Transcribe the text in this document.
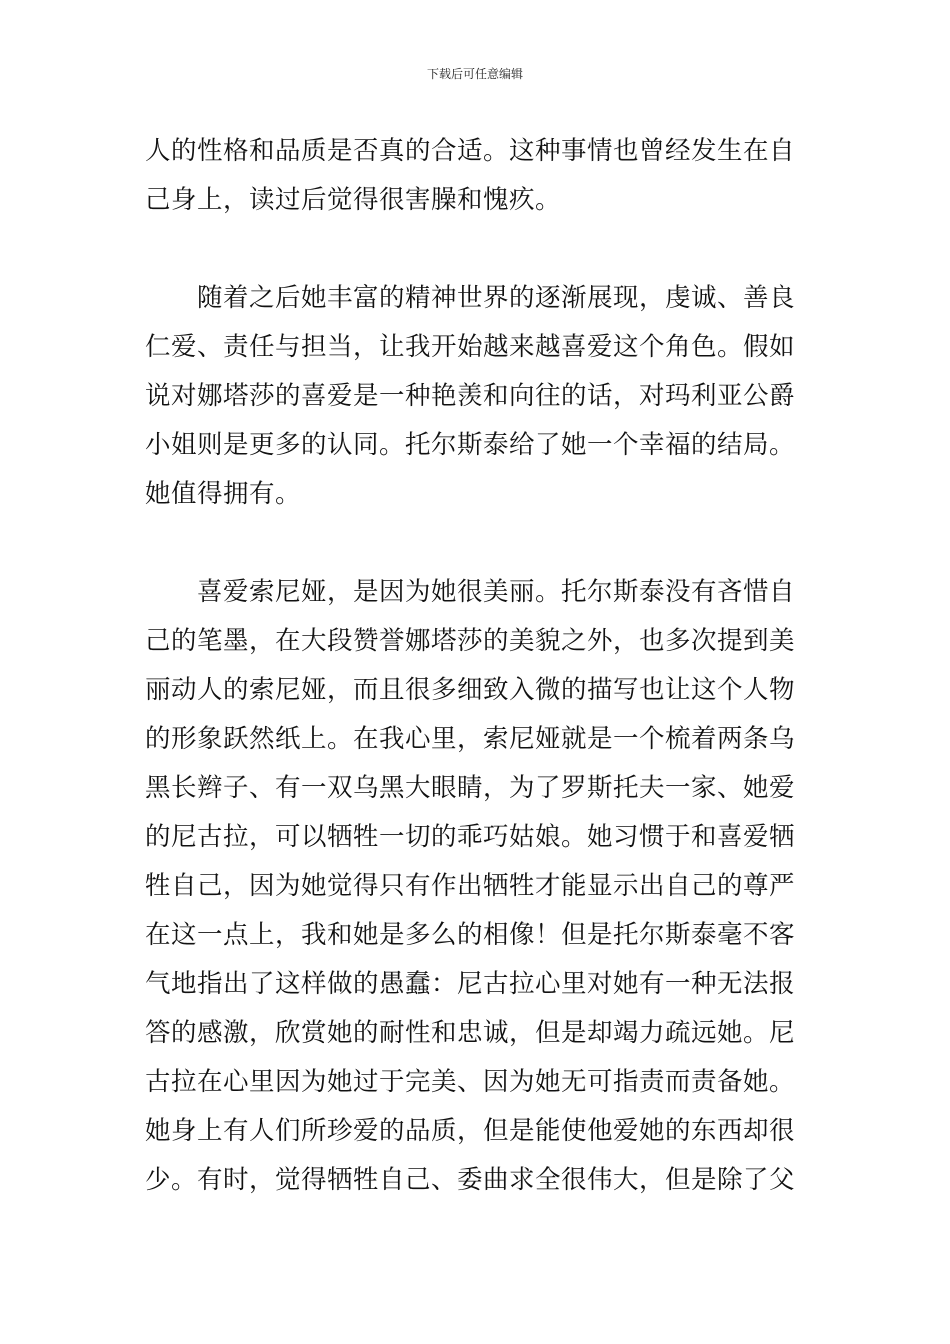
下载后可任意编辑
人的性格和品质是否真的合适。这种事情也曾经发生在自
己身上，读过后觉得很害臊和愧疚。
随着之后她丰富的精神世界的逐渐展现，虔诚、善良
仁爱、责任与担当，让我开始越来越喜爱这个角色。假如
说对娜塔莎的喜爱是一种艳羡和向往的话，对玛利亚公爵
小姐则是更多的认同。托尔斯泰给了她一个幸福的结局。
她值得拥有。
喜爱索尼娅，是因为她很美丽。托尔斯泰没有吝惜自
己的笔墨，在大段赞誉娜塔莎的美貌之外，也多次提到美
丽动人的索尼娅，而且很多细致入微的描写也让这个人物
的形象跃然纸上。在我心里，索尼娅就是一个梳着两条乌
黑长辫子、有一双乌黑大眼睛，为了罗斯托夫一家、她爱
的尼古拉，可以牺牲一切的乖巧姑娘。她习惯于和喜爱牺
牲自己，因为她觉得只有作出牺牲才能显示出自己的尊严
在这一点上，我和她是多么的相像！但是托尔斯泰毫不客
气地指出了这样做的愚蠢：尼古拉心里对她有一种无法报
答的感激，欣赏她的耐性和忠诚，但是却竭力疏远她。尼
古拉在心里因为她过于完美、因为她无可指责而责备她。
她身上有人们所珍爱的品质，但是能使他爱她的东西却很
少。有时，觉得牺牲自己、委曲求全很伟大，但是除了父
